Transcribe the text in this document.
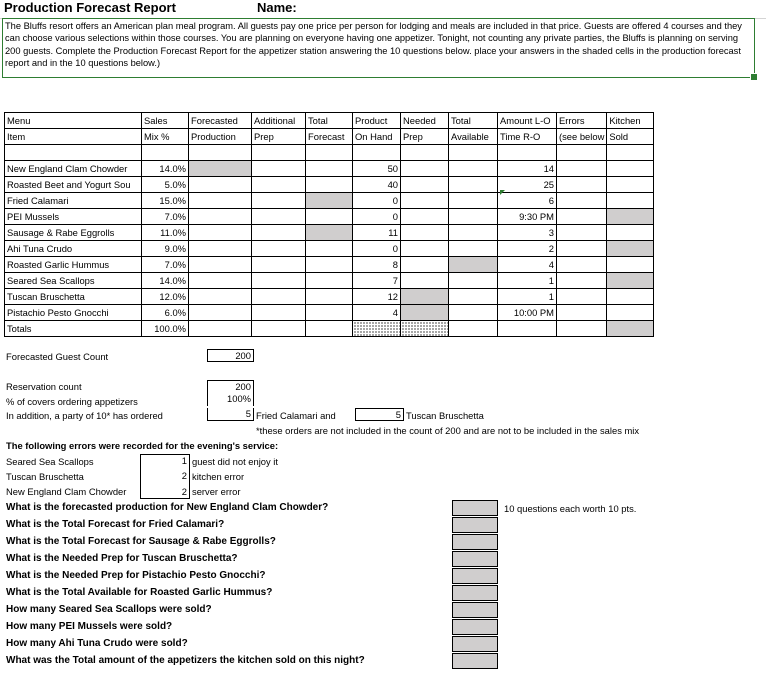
Production Forecast Report	Name:
The Bluffs resort offers an American plan meal program. All guests pay one price per person for lodging and meals are included in that price. Guests are offered 4 courses and they can choose various selections within those courses. You are planning on everyone having one appetizer. Tonight, not counting any private parties, the Bluffs is planning on serving 200 guests. Complete the Production Forecast Report for the appetizer station answering the 10 questions below. place your answers in the shaded cells in the production forecast report and in the 10 questions below.)
Menu	Sales	Forecasted	Additional	Total	Product	Needed	Total	Amount L-O	Errors	Kitchen
Item	Mix %	Production	Prep	Forecast	On Hand	Prep	Available	Time R-O	(see below	Sold

New England Clam Chowder	14.0%				50			14		
Roasted Beet and Yogurt Sou	5.0%				40			25		
Fried Calamari	15.0%				0			6		
PEI Mussels	7.0%				0			9:30 PM		
Sausage & Rabe Eggrolls	11.0%				11			3		
Ahi Tuna Crudo	9.0%				0			2		
Roasted Garlic Hummus	7.0%				8			4		
Seared Sea Scallops	14.0%				7			1		
Tuscan Bruschetta	12.0%				12			1		
Pistachio Pesto Gnocchi	6.0%				4			10:00 PM		
Totals	100.0%									
Forecasted Guest Count	200
Reservation count	200
% of covers ordering appetizers	100%
In addition, a party of 10* has ordered	5 Fried Calamari and	5 Tuscan Bruschetta
*these orders are not included in the count of 200 and are not to be included in the sales mix
The following errors were recorded for the evening's service:
Seared Sea Scallops	1 guest did not enjoy it
Tuscan Bruschetta	2 kitchen error
New England Clam Chowder	2 server error
What is the forecasted production for New England Clam Chowder?	10 questions each worth 10 pts.
What is the Total Forecast for Fried Calamari?
What is the Total Forecast for Sausage & Rabe Eggrolls?
What is the Needed Prep for Tuscan Bruschetta?
What is the Needed Prep for Pistachio Pesto Gnocchi?
What is the Total Available for Roasted Garlic Hummus?
How many Seared Sea Scallops were sold?
How many PEI Mussels were sold?
How many Ahi Tuna Crudo were sold?
What was the Total amount of the appetizers the kitchen sold on this night?
